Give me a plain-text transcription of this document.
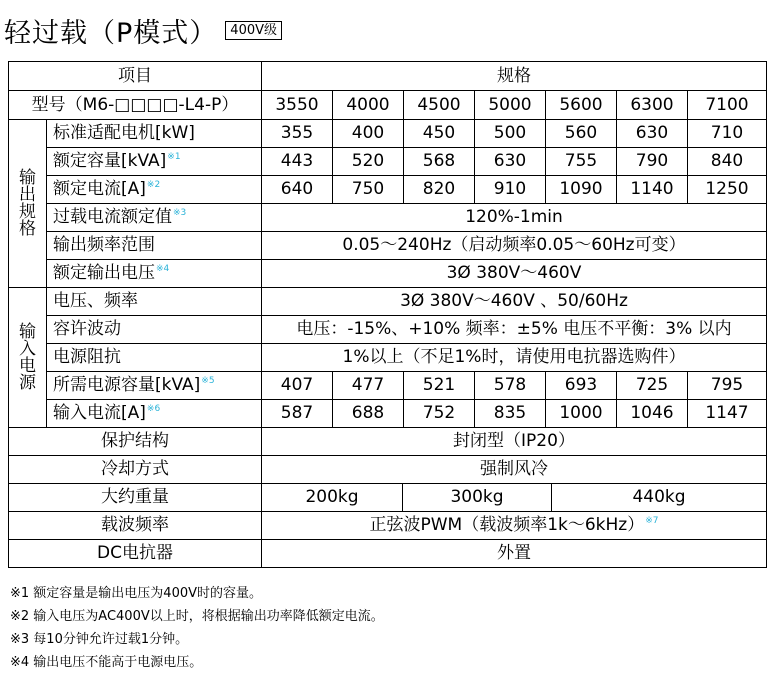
轻过载（P模式）	400V级
项目		规格						
型号（M6-□□□□-L4-P）		3550	4000	4500	5000	5600	6300	7100

输
出
规
格	标准适配电机[kW]	355	400	450	500	560	630	710
	额定容量[kVA]$^{※1}$	443	520	568	630	755	790	840
	额定电流[A]$^{※2}$	640	750	820	910	1090	1140	1250
	过载电流额定值$^{※3}$	120%-1min						
	输出频率范围	0.05～240Hz（启动频率0.05～60Hz可变）						
	额定输出电压$^{※4}$	3Ø 380V～460V						

输
入
电
源	电压、频率	3Ø 380V～460V 、50/60Hz						
	容许波动	电压：-15%、+10% 频率：±5% 电压不平衡：3% 以内						
	电源阻抗	1%以上（不足1%时，请使用电抗器选购件）						
	所需电源容量[kVA]$^{※5}$	407	477	521	578	693	725	795
	输入电流[A]$^{※6}$	587	688	752	835	1000	1046	1147
保护结构		封闭型（IP20）						
冷却方式		强制风冷						
大约重量		200kg 300kg 440kg						

载波频率		正弦波PWM（载波频率1k～6kHz）$^{※7}$
DC电抗器		外置						
※1 额定容量是输出电压为400V时的容量。
※2 输入电压为AC400V以上时，将根据输出功率降低额定电流。
※3 每10分钟允许过载1分钟。
※4 输出电压不能高于电源电压。
